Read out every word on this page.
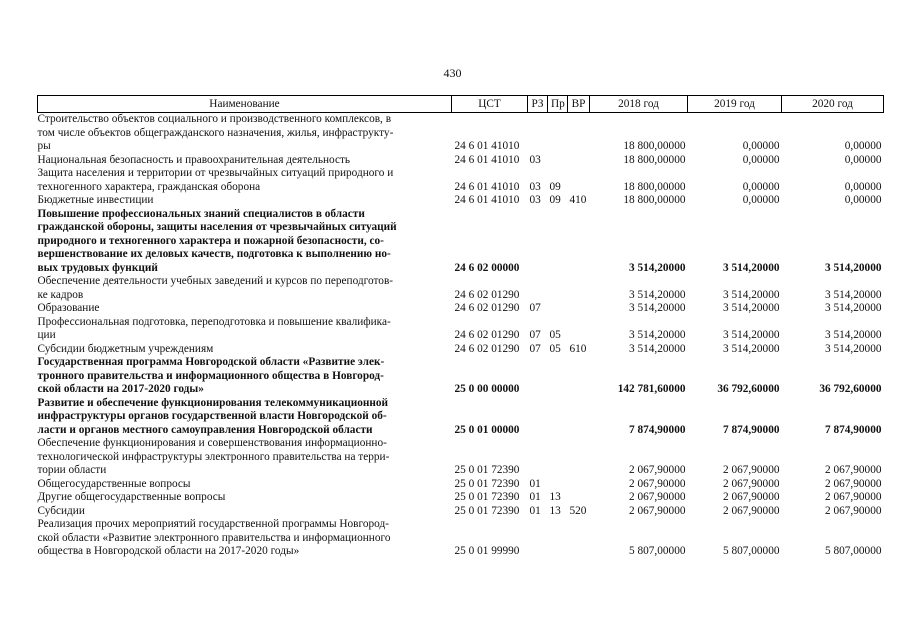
430
Наименование	ЦСТ	РЗ	Пр	ВР	2018 год	2019 год	2020 год

Строительство объектов социального и производственного комплексов, в
том числе объектов общегражданского назначения, жилья, инфраструкту-
ры	24 6 01 41010				18 800,00000	0,00000	0,00000

Национальная безопасность и правоохранительная деятельность	24 6 01 41010	03			18 800,00000	0,00000	0,00000

Защита населения и территории от чрезвычайных ситуаций природного и
техногенного характера, гражданская оборона	24 6 01 41010	03	09		18 800,00000	0,00000	0,00000

Бюджетные инвестиции	24 6 01 41010	03	09	410	18 800,00000	0,00000	0,00000

Повышение профессиональных знаний специалистов в области
гражданской обороны, защиты населения от чрезвычайных ситуаций
природного и техногенного характера и пожарной безопасности, со-
вершенствование их деловых качеств, подготовка к выполнению но-
вых трудовых функций	24 6 02 00000				3 514,20000	3 514,20000	3 514,20000

Обеспечение деятельности учебных заведений и курсов по переподготов-
ке кадров	24 6 02 01290				3 514,20000	3 514,20000	3 514,20000

Образование	24 6 02 01290	07			3 514,20000	3 514,20000	3 514,20000

Профессиональная подготовка, переподготовка и повышение квалифика-
ции	24 6 02 01290	07	05		3 514,20000	3 514,20000	3 514,20000

Субсидии бюджетным учреждениям	24 6 02 01290	07	05	610	3 514,20000	3 514,20000	3 514,20000

Государственная программа Новгородской области «Развитие элек-
тронного правительства и информационного общества в Новгород-
ской области на 2017-2020 годы»	25 0 00 00000				142 781,60000	36 792,60000	36 792,60000

Развитие и обеспечение функционирования телекоммуникационной
инфраструктуры органов государственной власти Новгородской об-
ласти и органов местного самоуправления Новгородской области	25 0 01 00000				7 874,90000	7 874,90000	7 874,90000

Обеспечение функционирования и совершенствования информационно-
технологической инфраструктуры электронного правительства на терри-
тории области	25 0 01 72390				2 067,90000	2 067,90000	2 067,90000

Общегосударственные вопросы	25 0 01 72390	01			2 067,90000	2 067,90000	2 067,90000

Другие общегосударственные вопросы	25 0 01 72390	01	13		2 067,90000	2 067,90000	2 067,90000

Субсидии	25 0 01 72390	01	13	520	2 067,90000	2 067,90000	2 067,90000

Реализация прочих мероприятий государственной программы Новгород-
ской области «Развитие электронного правительства и информационного
общества в Новгородской области на 2017-2020 годы»	25 0 01 99990				5 807,00000	5 807,00000	5 807,00000
